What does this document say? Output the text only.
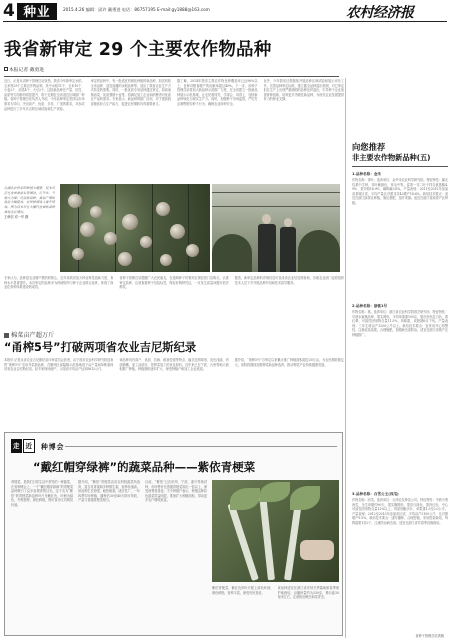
4 种业	2015.4.26 编辑：邱许 戴勇进 电话：86757195 E-mail:gy1888@163.com	农村经济报
我省新审定 29 个主要农作物品种
本报记者 戴勇进
近日，记者从省种子管理总站获悉，我省今年新审定水稻、玉米等29个主要农作物品种，其中水稻11个、玉米10个、小麦2个、油菜4个、大豆2个。这批新品种在产量、抗性、品质等方面都有明显提升，将于近期在全省适宜区域推广种植。省种子管理总站负责人介绍，今年品种审定坚持以市场需求为导向，突出高产、优质、多抗、广适的要求，对参试品种进行了多年多点的区域试验和生产试验。
审定的品种中，有一批适宜机械化种植的新品种，如宜机收玉米品种、适宜直播的水稻品种等，适应了我省农业生产方式转变的需要。同时，一批优质专用品种通过审定，如高油酸油菜、优质强筋小麦等，将满足加工企业和消费者对优质农产品的需求。专家表示，新品种的推广应用，对于提高我省粮食综合生产能力、促进农民增收具有重要意义。
据了解，2014年我省主要农作物良种覆盖率已达96%以上，良种对粮食增产的贡献率超过40%。下一步，省种子管理总站将加大新品种示范推广力度，在全省建立一批新品种展示示范基地，让农民看得见、学得会、用得上，加快新品种转化为现实生产力。同时，加强种子市场监管，严厉打击制售假劣种子行为，确保农业用种安全。
此外，今年我省还将继续开展品种区域试验和展示评价工作，完善品种审定标准，建立健全品种退出机制，对已审定但在生产上出现严重缺陷的品种及时退出，引导种子企业加强育种创新，培育更多突破性新品种，为现代农业发展提供有力的种业支撑。
在湖北农民家的种植大棚里，技术员正在查看番茄长势情况。近年来，当地大力推广优质新品种，番茄产量和品质大幅提高，农民种植收入逐年增加。图为技术员在大棚内查看新品种番茄生长情况。
王章信 邓一华 摄
专家认为，品种是农业增产增效的核心，近年来我省加大种业科技创新力度，育种水平显著提升。本次审定的品种多为科研院所与种子企业联合选育，体现了商业化育种体系建设的成效。
省种子管理总站提醒广大农民朋友，在选购种子时要到正规经营门店购买，认准审定品种，注意查看种子包装标签，保存好购种凭证，一旦发生质量问题可依法维权。
据悉，新审定品种的详细信息可登录省农业信息网查询，各地农业部门也将组织技术人员下乡开展品种介绍和技术指导服务。
向您推荐
非主要农作物新品种(五)
1.品种名称：金禾
作物名称：茶叶。选育单位：金华市农业科学研究院。特征特性：属无性系中生种，芽叶紫绿色，茸毛中等。春茶一芽二叶干样含氨基酸4.9%、茶多酚16.9%、咖啡碱3.8%。产量表现：2011至2012年参加省茶树区试，平均产量比对照龙井43增产18.6%。栽培技术要点：适宜在浙江绿茶区种植，施足基肥，及时采摘。适宜在浙江省绿茶产区种植。
2.品种名称：浙桃1号
作物名称：桃。选育单位：浙江省农业科学院园艺研究所。特征特性：早熟水蜜桃品种，果实圆形，平均单果重195克，果皮底色乳白色，着红晕，可溶性固形物含量11.5%，风味甜，成熟期6月下旬。产量表现：三年生树亩产1200公斤以上。栽培技术要点：宜采用开心形整枝，注意疏花疏果，合理施肥，加强病虫害防治。适宜在浙江省桃产区种植推广。
3.品种名称：白雪公主(西瓜)
作物名称：西瓜。选育单位：台湾农友种苗公司。特征特性：中熟小型西瓜，全生育期约90天，果实椭圆形，果皮白绿色，果肉红色，中心可溶性固形物含量12%以上，肉质细脆多汁，单果重1.5至2.0公斤。产量表现：2012至2013年参加省区试，平均亩产2100公斤，比对照增产9.5%。栽培技术要点：适时播种，合理密植，采用搭架栽培，每株留果1至2个，注意防治病虫害。适宜在浙江省作春季设施栽培。
省种子管理总站供稿
棉菜亩产超万斤
“甬榨5号”打破两项省农业吉尼斯纪录
本报讯 记者从省农业吉尼斯纪录评审委员会获悉，由宁波市农业科学研究院选育的“甬榨5号”茎用芥菜新品种，在鄞州区邱隘镇示范基地创下亩产量和单株重两项省农业吉尼斯纪录。经专家现场测产，示范田平均亩产达到5612公斤。
该品种具有高产、优质、抗病、耐寒性强等特点，瘤茎近圆球形，皮色浅绿，肉质脆嫩，加工品质好，是榨菜加工的优良原料。近年来已在宁波、台州等地大面积推广种植，种植面积逐年扩大，深受种植户和加工企业欢迎。
据介绍，“甬榨5号”自审定以来累计推广种植面积超过30万亩，为农民增收数亿元。该院将继续加强榨菜新品种选育，推动榨菜产业持续健康发展。
走 近	种博会
“戴红帽穿绿裤”的蔬菜品种——紫依青梗菜
青梗菜，是我们日常生活中常见的一种蔬菜，在省种博会上，一个“戴红帽穿绿裤”的青梗菜品种吸引了众多参观者的目光。这个名为“紫依”的青梗菜新品种叶片呈紫红色，叶柄为绿色，外观独特，颜色鲜艳，既可食用又具观赏价值。
据介绍，“紫依”青梗菜由省农科院蔬菜所选育，富含花青素和多种维生素，营养价值高。该品种生长势强，耐热耐寒，适应性广，一年四季均可种植，播种后30至40天即可采收，产量与普通青梗菜相当。
目前，“紫依”已在杭州、宁波、嘉兴等地试种，市场售价比普通青梗菜高出一倍以上，深受消费者喜爱。不少种植户表示，种植这种彩色蔬菜效益明显，准备扩大种植面积，带动更多农户增收致富。
紫依青梗菜，紫红色的叶片配上绿色叶柄，颜色鲜艳，营养丰富，深受市民喜爱。
该品种适宜在浙江省作秋冬季露地和春季保护地栽培，亩播种量约为250克，株行距20厘米左右，注意防治蚜虫和菜青虫。
